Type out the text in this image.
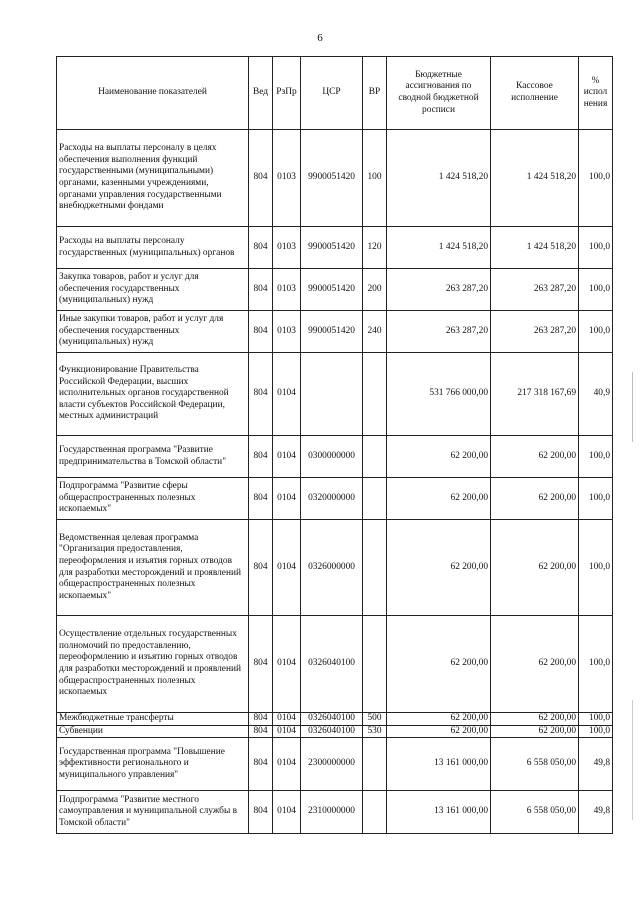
6
Наименование показателей	Вед	РзПр	ЦСР	ВР	Бюджетные ассигнования по сводной бюджетной росписи	Кассовое исполнение	% испол нения
Расходы на выплаты персоналу в целях обеспечения выполнения функций государственными (муниципальными) органами, казенными учреждениями, органами управления государственными внебюджетными фондами	804	0103	9900051420	100	1 424 518,20	1 424 518,20	100,0
Расходы на выплаты персоналу государственных (муниципальных) органов	804	0103	9900051420	120	1 424 518,20	1 424 518,20	100,0
Закупка товаров, работ и услуг для обеспечения государственных (муниципальных) нужд	804	0103	9900051420	200	263 287,20	263 287,20	100,0
Иные закупки товаров, работ и услуг для обеспечения государственных (муниципальных) нужд	804	0103	9900051420	240	263 287,20	263 287,20	100,0
Функционирование Правительства Российской Федерации, высших исполнительных органов государственной власти субъектов Российской Федерации, местных администраций	804	0104			531 766 000,00	217 318 167,69	40,9
Государственная программа "Развитие предпринимательства в Томской области"	804	0104	0300000000		62 200,00	62 200,00	100,0
Подпрограмма "Развитие сферы общераспространенных полезных ископаемых"	804	0104	0320000000		62 200,00	62 200,00	100,0
Ведомственная целевая программа "Организация предоставления, переоформления и изъятия горных отводов для разработки месторождений и проявлений общераспространенных полезных ископаемых"	804	0104	0326000000		62 200,00	62 200,00	100,0
Осуществление отдельных государственных полномочий по предоставлению, переоформлению и изъятию горных отводов для разработки месторождений и проявлений общераспространенных полезных ископаемых	804	0104	0326040100		62 200,00	62 200,00	100,0
Межбюджетные трансферты	804	0104	0326040100	500	62 200,00	62 200,00	100,0
Субвенции	804	0104	0326040100	530	62 200,00	62 200,00	100,0
Государственная программа "Повышение эффективности регионального и муниципального управления"	804	0104	2300000000		13 161 000,00	6 558 050,00	49,8
Подпрограмма "Развитие местного самоуправления и муниципальной службы в Томской области"	804	0104	2310000000		13 161 000,00	6 558 050,00	49,8
